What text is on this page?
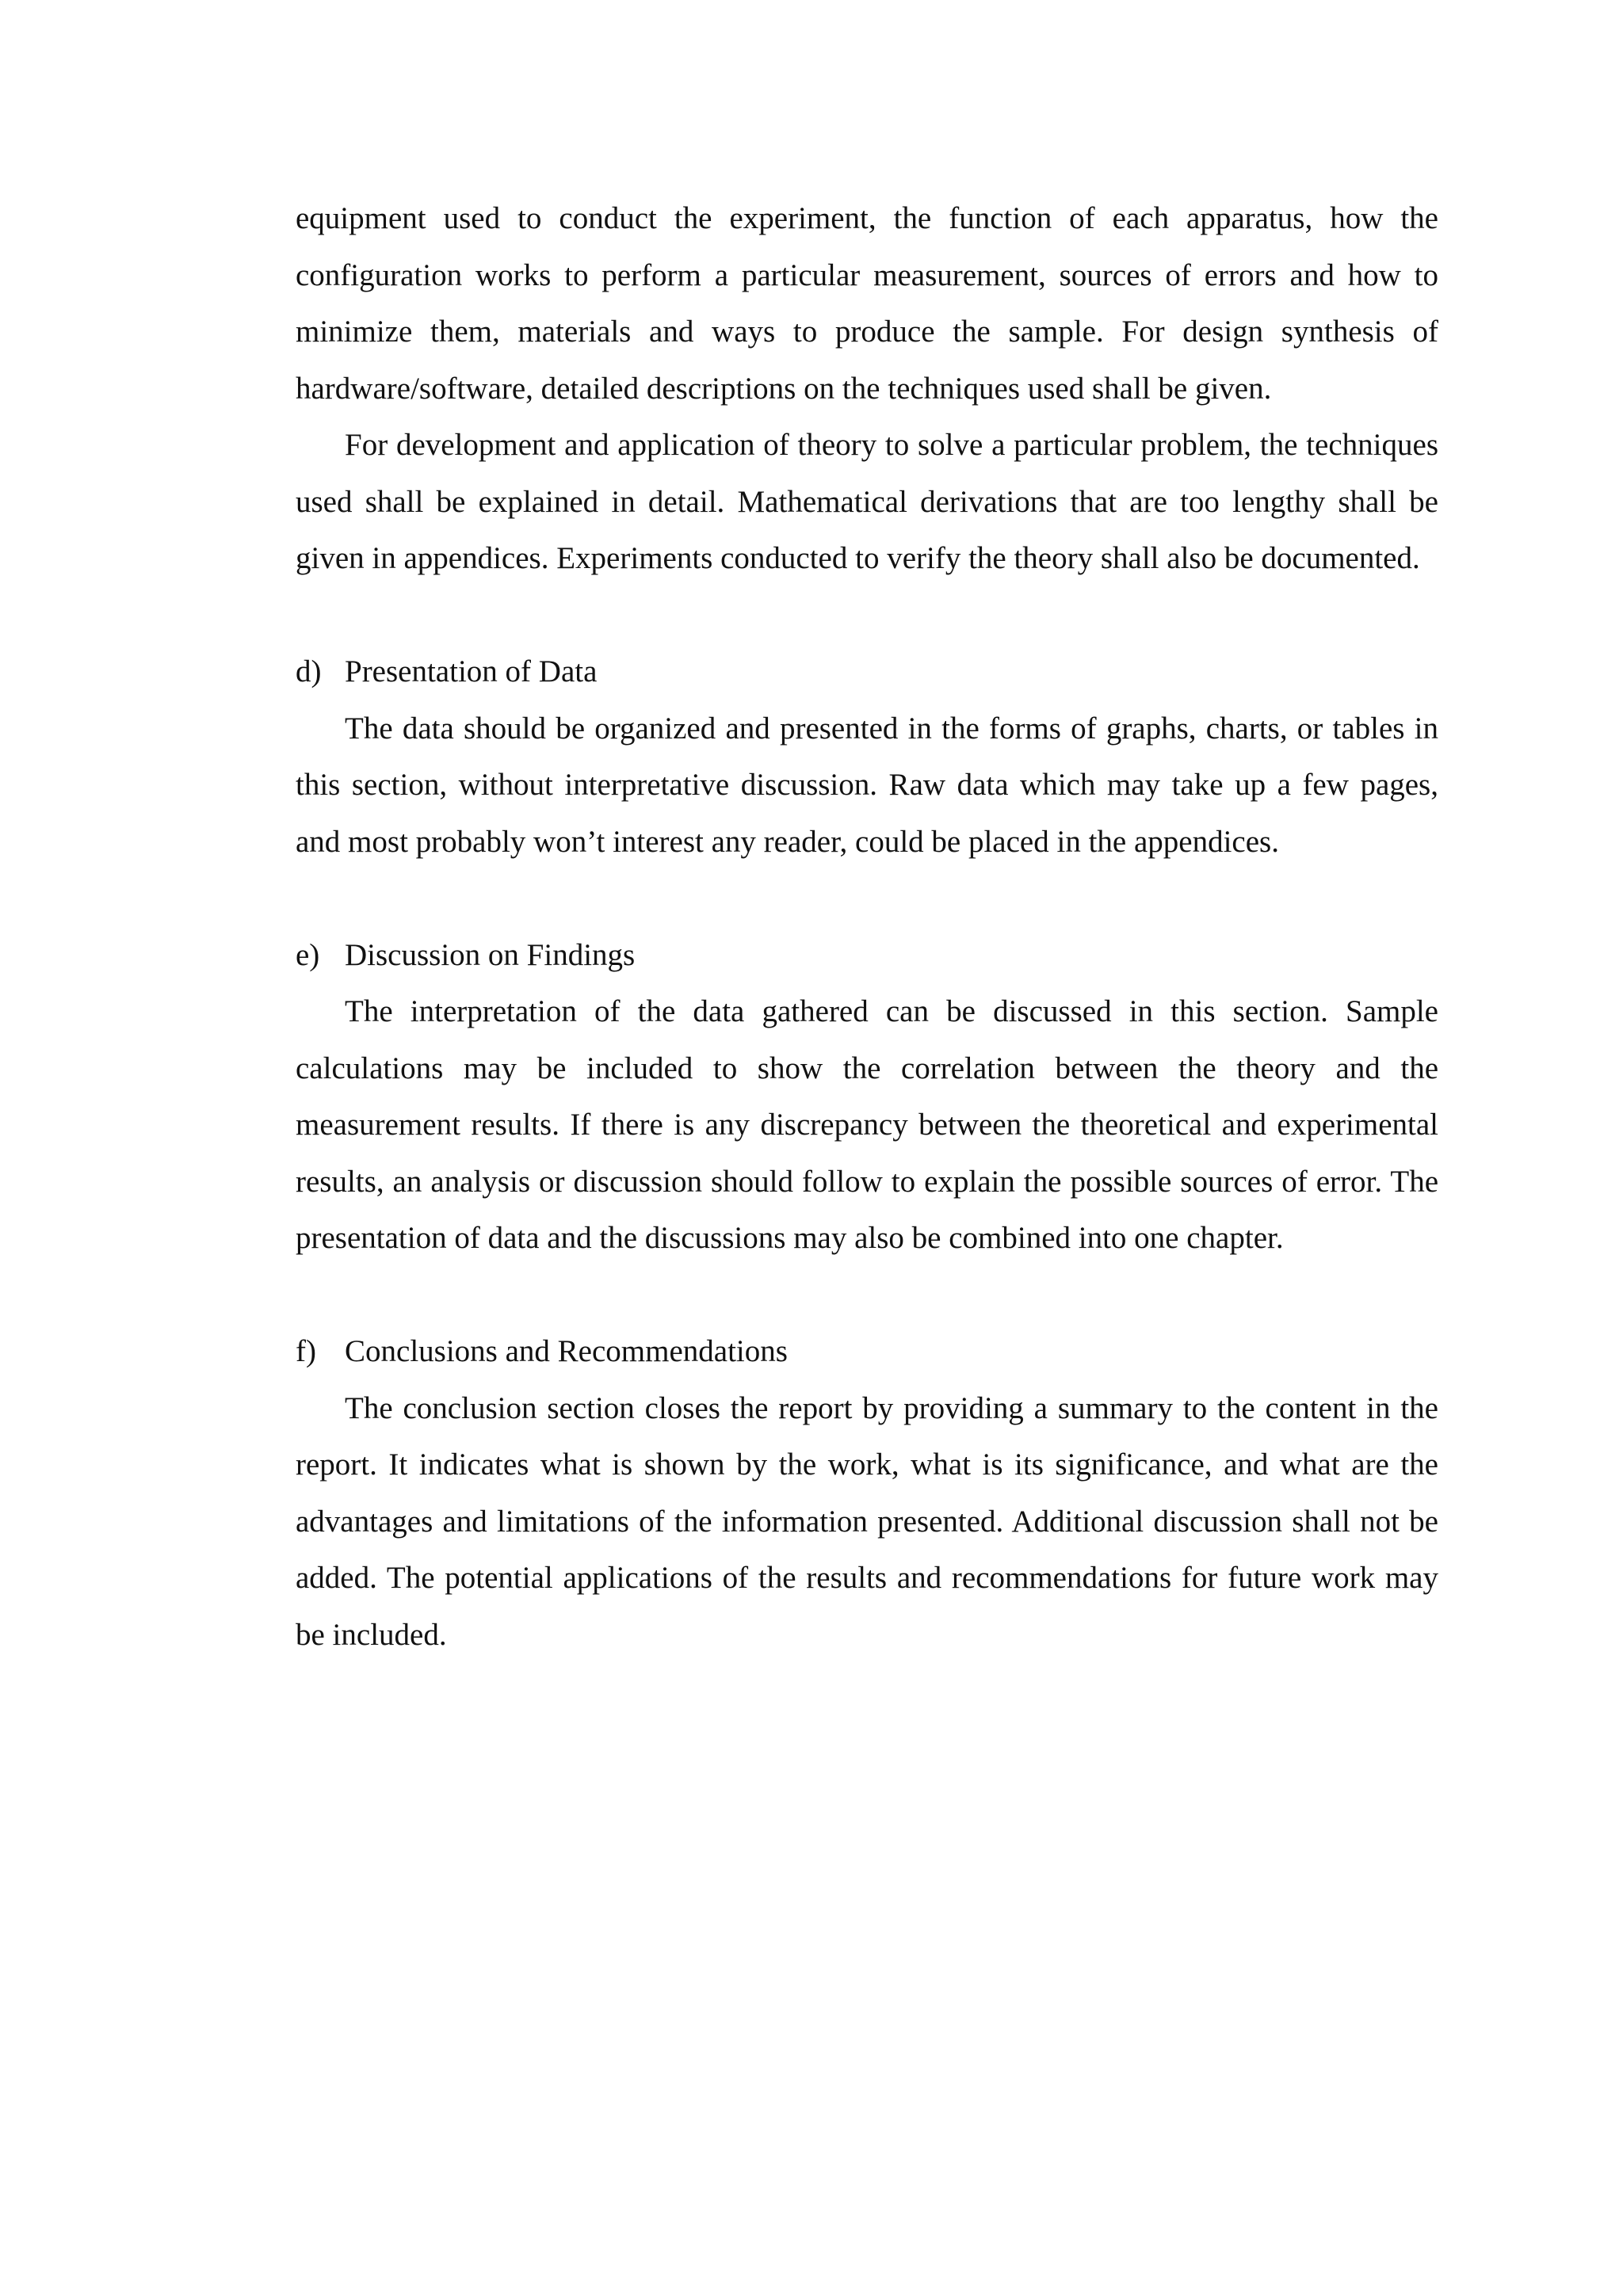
equipment used to conduct the experiment, the function of each apparatus, how the configuration works to perform a particular measurement, sources of errors and how to minimize them, materials and ways to produce the sample. For design synthesis of hardware/software, detailed descriptions on the techniques used shall be given.

For development and application of theory to solve a particular problem, the techniques used shall be explained in detail. Mathematical derivations that are too lengthy shall be given in appendices. Experiments conducted to verify the theory shall also be documented.

d) Presentation of Data

The data should be organized and presented in the forms of graphs, charts, or tables in this section, without interpretative discussion. Raw data which may take up a few pages, and most probably won’t interest any reader, could be placed in the appendices.

e) Discussion on Findings

The interpretation of the data gathered can be discussed in this section. Sample calculations may be included to show the correlation between the theory and the measurement results. If there is any discrepancy between the theoretical and experimental results, an analysis or discussion should follow to explain the possible sources of error. The presentation of data and the discussions may also be combined into one chapter.

f) Conclusions and Recommendations

The conclusion section closes the report by providing a summary to the content in the report. It indicates what is shown by the work, what is its significance, and what are the advantages and limitations of the information presented. Additional discussion shall not be added. The potential applications of the results and recommendations for future work may be included.
